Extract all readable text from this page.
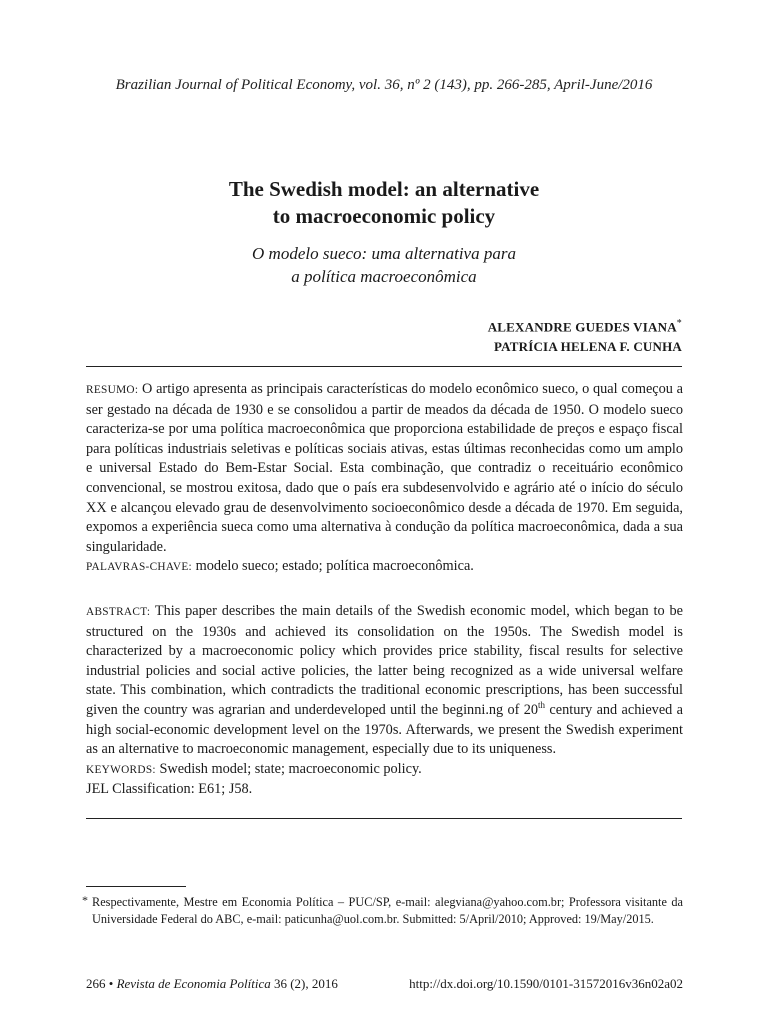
Brazilian Journal of Political Economy, vol. 36, nº 2 (143), pp. 266-285, April-June/2016

The Swedish model: an alternative
to macroeconomic policy

O modelo sueco: uma alternativa para
a política macroeconômica

ALEXANDRE GUEDES VIANA*
PATRÍCIA HELENA F. CUNHA
RESUMO: O artigo apresenta as principais características do modelo econômico sueco, o qual começou a ser gestado na década de 1930 e se consolidou a partir de meados da década de 1950. O modelo sueco caracteriza-se por uma política macroeconômica que proporciona estabilidade de preços e espaço fiscal para políticas industriais seletivas e políticas sociais ativas, estas últimas reconhecidas como um amplo e universal Estado do Bem-Estar Social. Esta combinação, que contradiz o receituário econômico convencional, se mostrou exitosa, dado que o país era subdesenvolvido e agrário até o início do século XX e alcançou elevado grau de desenvolvimento socioeconômico desde a década de 1970. Em seguida, expomos a experiência sueca como uma alternativa à condução da política macroeconômica, dada a sua singularidade.
PALAVRAS-CHAVE: modelo sueco; estado; política macroeconômica.
ABSTRACT: This paper describes the main details of the Swedish economic model, which began to be structured on the 1930s and achieved its consolidation on the 1950s. The Swedish model is characterized by a macroeconomic policy which provides price stability, fiscal results for selective industrial policies and social active policies, the latter being recognized as a wide universal welfare state. This combination, which contradicts the traditional economic prescriptions, has been successful given the country was agrarian and underdeveloped until the beginni.ng of 20th century and achieved a high social-economic development level on the 1970s. Afterwards, we present the Swedish experiment as an alternative to macroeconomic management, especially due to its uniqueness.
KEYWORDS: Swedish model; state; macroeconomic policy.
JEL Classification: E61; J58.
* Respectivamente, Mestre em Economia Política – PUC/SP, e-mail: alegviana@yahoo.com.br; Professora visitante da Universidade Federal do ABC, e-mail: paticunha@uol.com.br. Submitted: 5/April/2010; Approved: 19/May/2015.
266 • Revista de Economia Política 36 (2), 2016	http://dx.doi.org/10.1590/0101-31572016v36n02a02
